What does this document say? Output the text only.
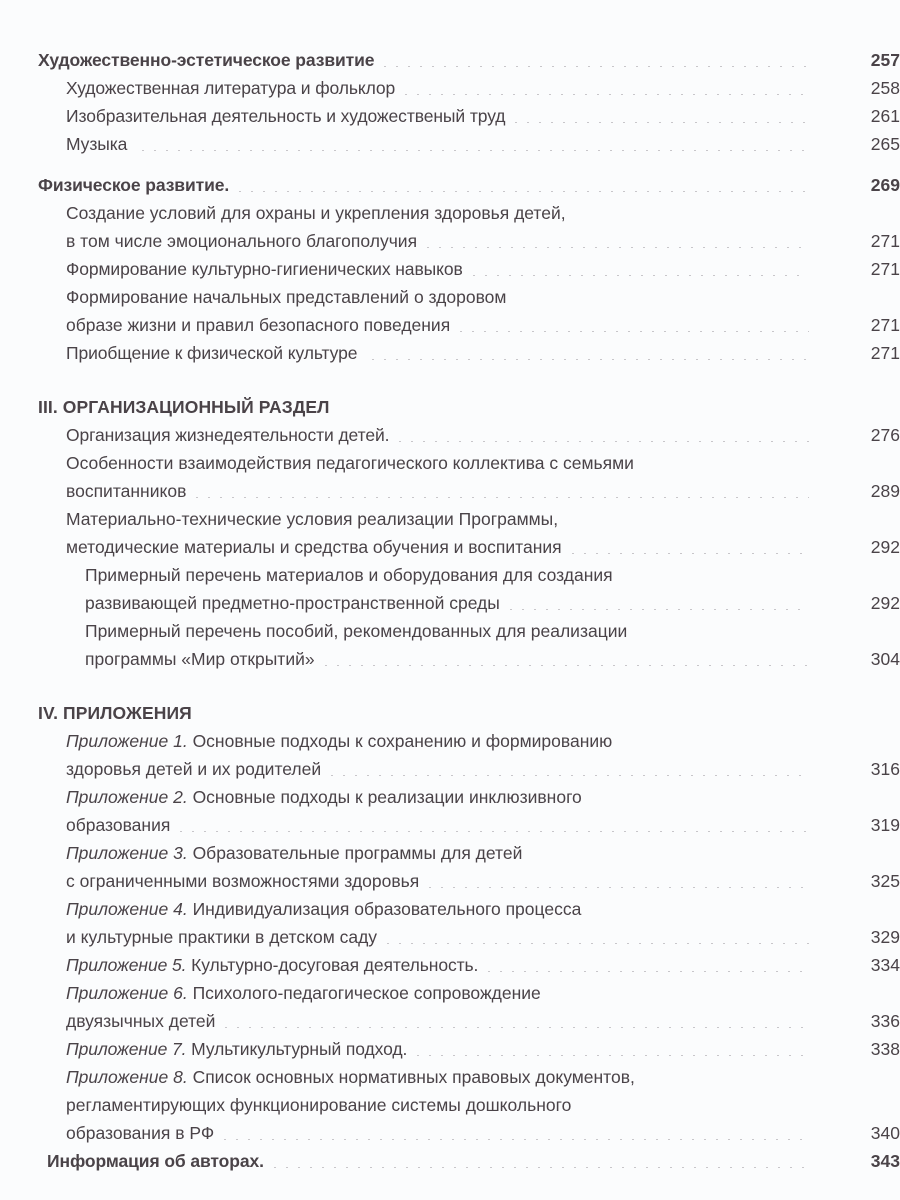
Художественно-эстетическое развитие	257
Художественная литература и фольклор	258
Изобразительная деятельность и художественый труд	261
Музыка	265
Физическое развитие.	269
Создание условий для охраны и укрепления здоровья детей,
в том числе эмоционального благополучия	271
Формирование культурно-гигиенических навыков	271
Формирование начальных представлений о здоровом
образе жизни и правил безопасного поведения	271
Приобщение к физической культуре	271
III. ОРГАНИЗАЦИОННЫЙ РАЗДЕЛ
Организация жизнедеятельности детей.	276
Особенности взаимодействия педагогического коллектива с семьями
воспитанников	289
Материально-технические условия реализации Программы,
методические материалы и средства обучения и воспитания	292
Примерный перечень материалов и оборудования для создания
развивающей предметно-пространственной среды	292
Примерный перечень пособий, рекомендованных для реализации
программы «Мир открытий»	304
IV. ПРИЛОЖЕНИЯ
Приложение 1. Основные подходы к сохранению и формированию
здоровья детей и их родителей	316
Приложение 2. Основные подходы к реализации инклюзивного
образования	319
Приложение 3. Образовательные программы для детей
с ограниченными возможностями здоровья	325
Приложение 4. Индивидуализация образовательного процесса
и культурные практики в детском саду	329
Приложение 5. Культурно-досуговая деятельность.	334
Приложение 6. Психолого-педагогическое сопровождение
двуязычных детей	336
Приложение 7. Мультикультурный подход.	338
Приложение 8. Список основных нормативных правовых документов,
регламентирующих функционирование системы дошкольного
образования в РФ	340
Информация об авторах.	343
